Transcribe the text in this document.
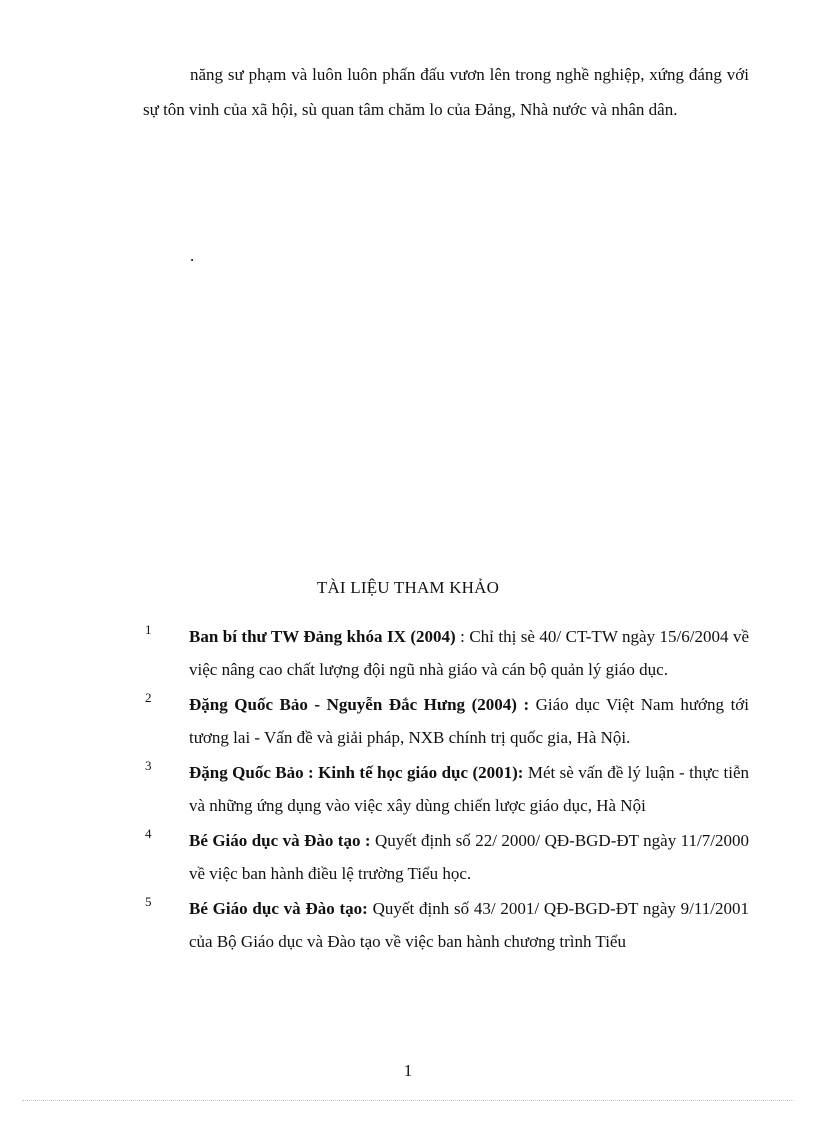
năng sư phạm và luôn luôn phấn đấu vươn lên trong nghề nghiệp, xứng đáng với sự tôn vinh của xã hội, sù quan tâm chăm lo của Đảng, Nhà nước và nhân dân.

.
TÀI LIỆU THAM KHẢO
1	Ban bí thư TW Đảng khóa IX (2004) : Chỉ thị sè 40/ CT-TW ngày 15/6/2004 về việc nâng cao chất lượng đội ngũ nhà giáo và cán bộ quản lý giáo dục.
2	Đặng Quốc Bảo - Nguyễn Đắc Hưng (2004) : Giáo dục Việt Nam hướng tới tương lai - Vấn đề và giải pháp, NXB chính trị quốc gia, Hà Nội.
3	Đặng Quốc Bảo : Kinh tế học giáo dục (2001): Mét sè vấn đề lý luận - thực tiễn và những ứng dụng vào việc xây dùng chiến lược giáo dục, Hà Nội
4	Bé Giáo dục và Đào tạo : Quyết định số 22/ 2000/ QĐ-BGD-ĐT ngày 11/7/2000 về việc ban hành điều lệ trường Tiểu học.
5	Bé Giáo dục và Đào tạo: Quyết định số 43/ 2001/ QĐ-BGD-ĐT ngày 9/11/2001 của Bộ Giáo dục và Đào tạo về việc ban hành chương trình Tiểu
1
